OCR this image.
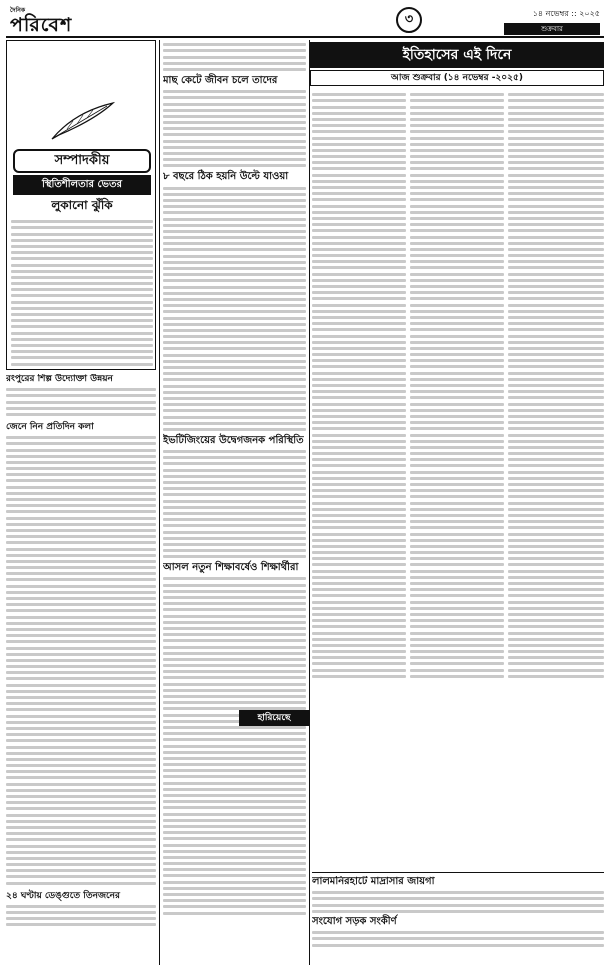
দৈনিক
পরিবেশ	৩	১৪ নভেম্বর :: ২০২৫
শুক্রবার
সম্পাদকীয়
স্থিতিশীলতার ভেতর
লুকানো ঝুঁকি
রংপুরের শিল্প উদ্যোক্তা উন্নয়ন
জেনে নিন প্রতিদিন কলা
২৪ ঘণ্টায় ডেঙ্গুতে তিনজনের
মাছ কেটে জীবন চলে তাদের
৮ বছরে ঠিক হয়নি উল্টে যাওয়া
ইভটিজিংয়ের উদ্বেগজনক পরিস্থিতি
আসল নতুন শিক্ষাবর্ষেও শিক্ষার্থীরা
হারিয়েছে
ইতিহাসের এই দিনে
আজ শুক্রবার (১৪ নভেম্বর -২০২৫)
লালমনিরহাটে মাদ্রাসার জায়গা
সংযোগ সড়ক সংকীর্ণ
